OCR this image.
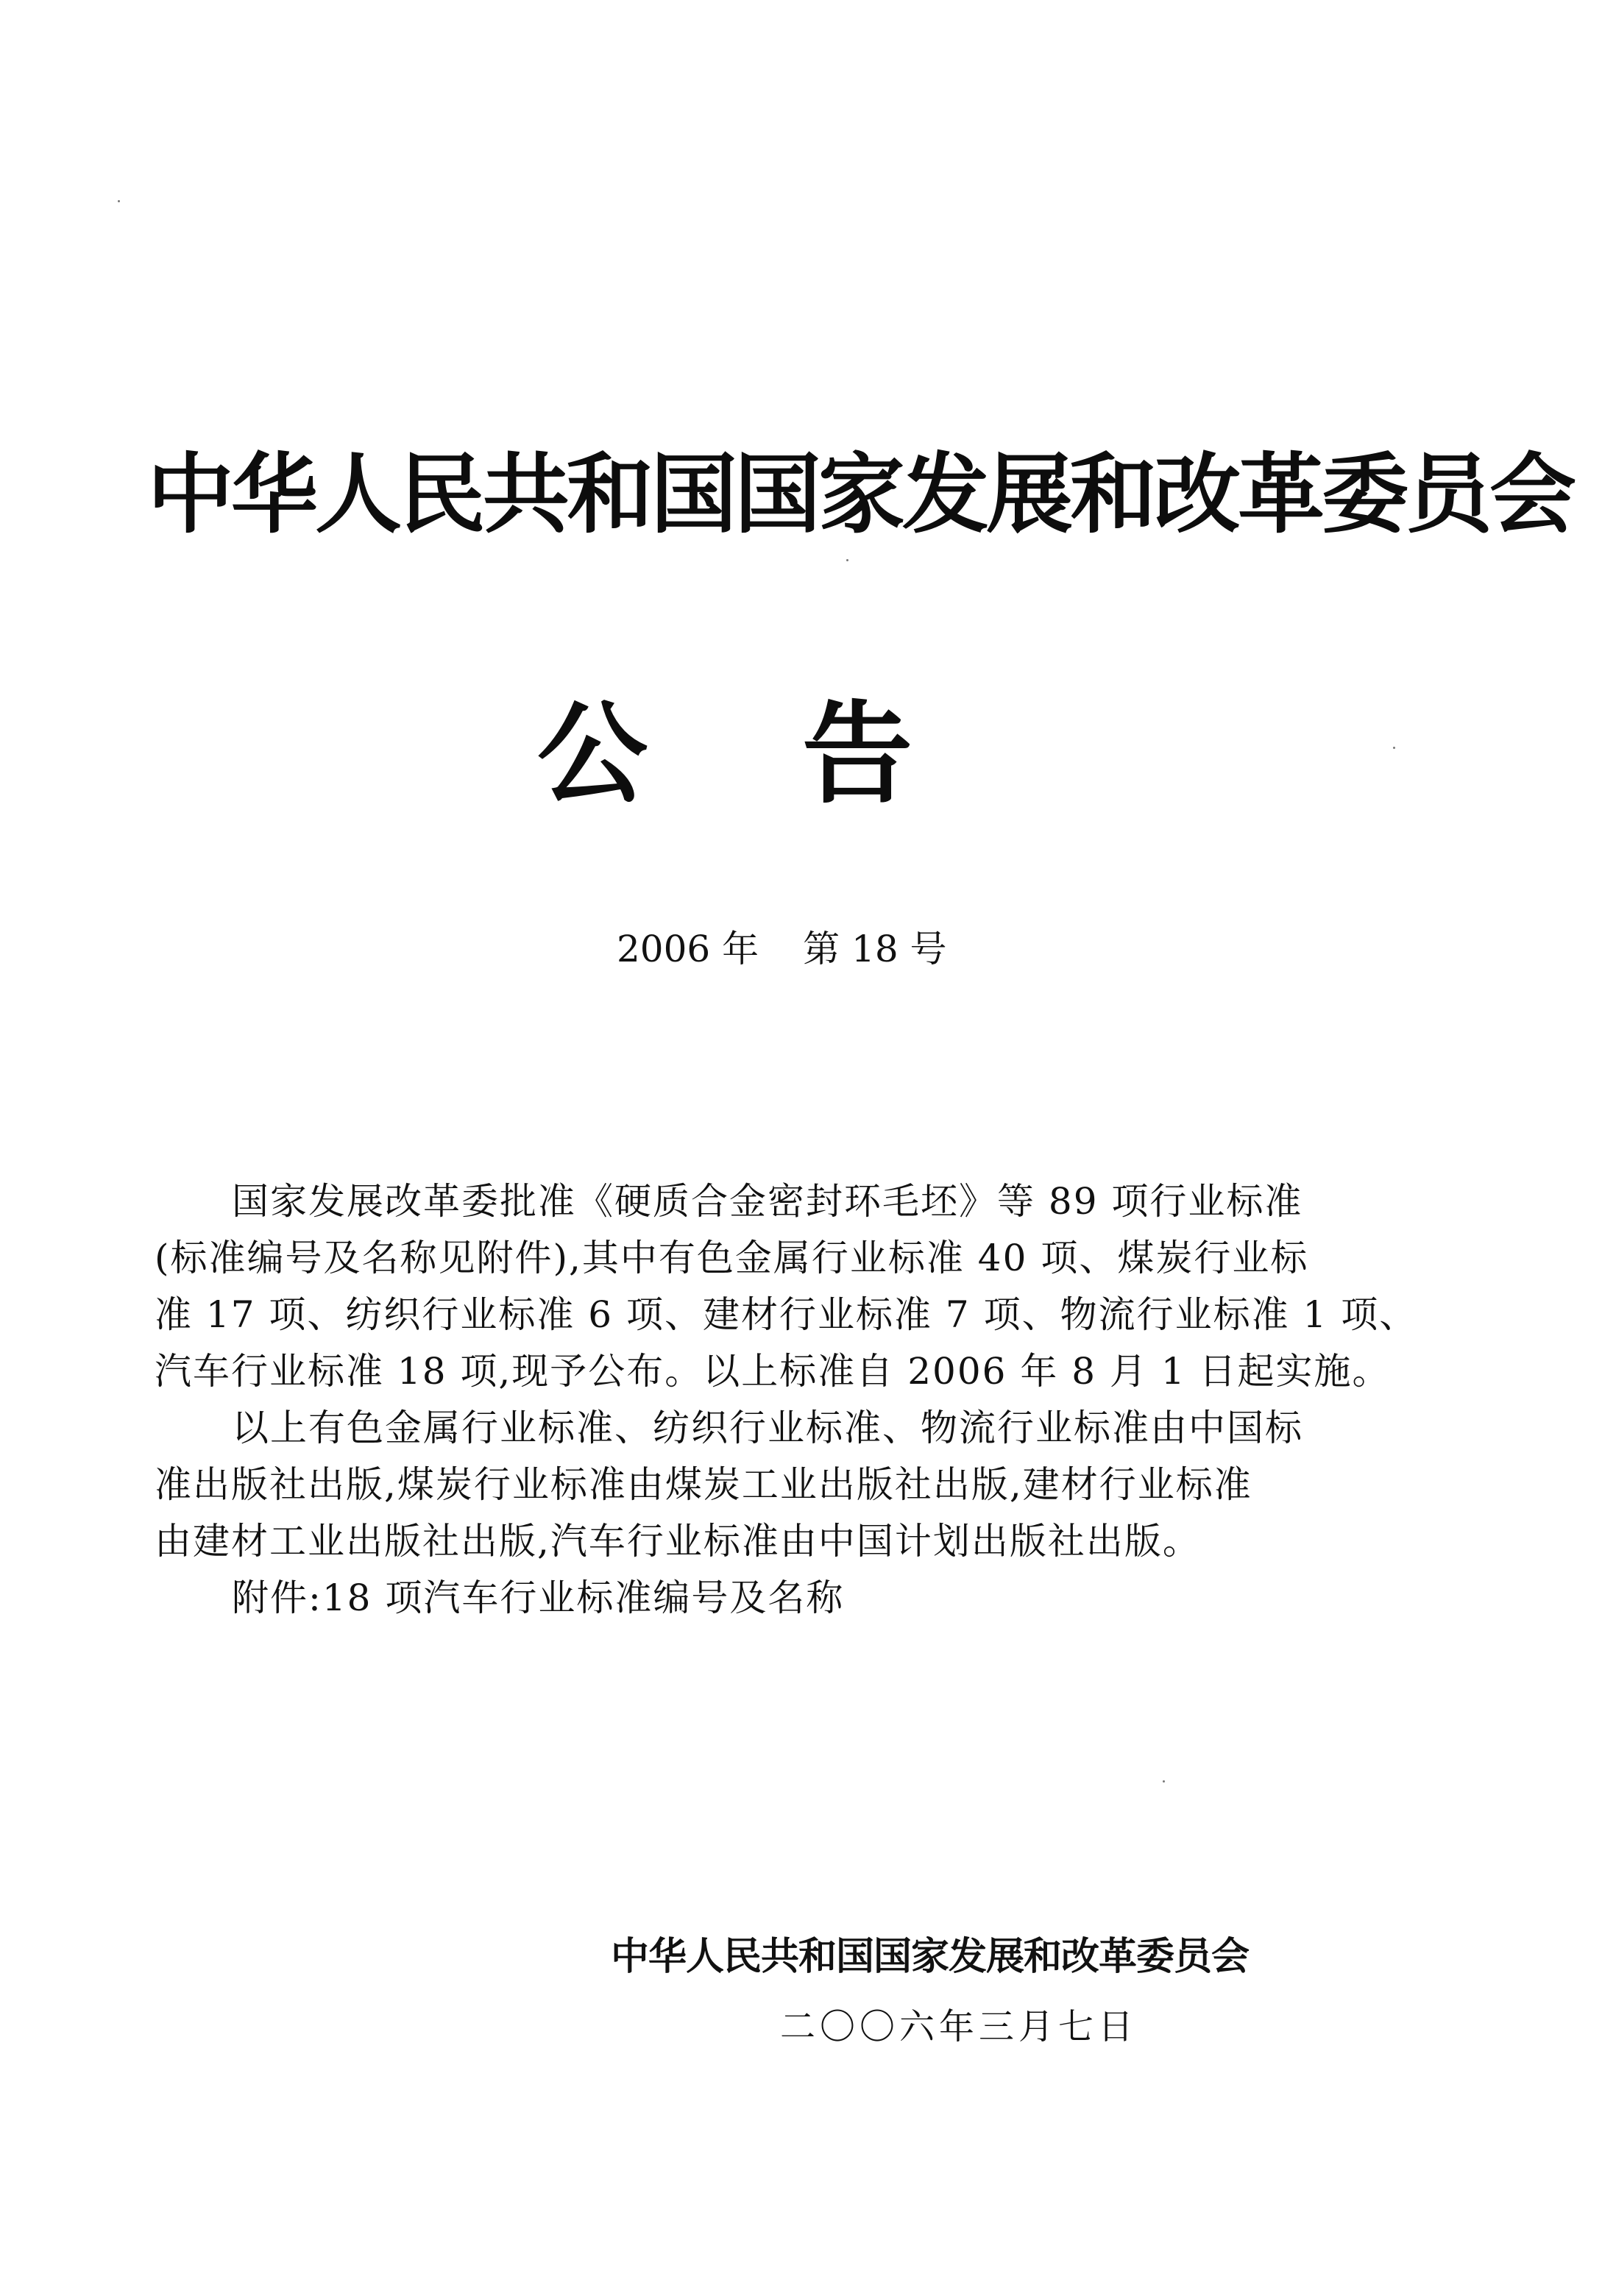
中华人民共和国国家发展和改革委员会
公 告
2006 年 第 18 号
国家发展改革委批准《硬质合金密封环毛坯》等 89 项行业标准
(标准编号及名称见附件),其中有色金属行业标准 40 项、煤炭行业标
准 17 项、纺织行业标准 6 项、建材行业标准 7 项、物流行业标准 1 项、
汽车行业标准 18 项,现予公布。以上标准自 2006 年 8 月 1 日起实施。
以上有色金属行业标准、纺织行业标准、物流行业标准由中国标
准出版社出版,煤炭行业标准由煤炭工业出版社出版,建材行业标准
由建材工业出版社出版,汽车行业标准由中国计划出版社出版。
附件:18 项汽车行业标准编号及名称
中华人民共和国国家发展和改革委员会
二〇〇六年三月七日
